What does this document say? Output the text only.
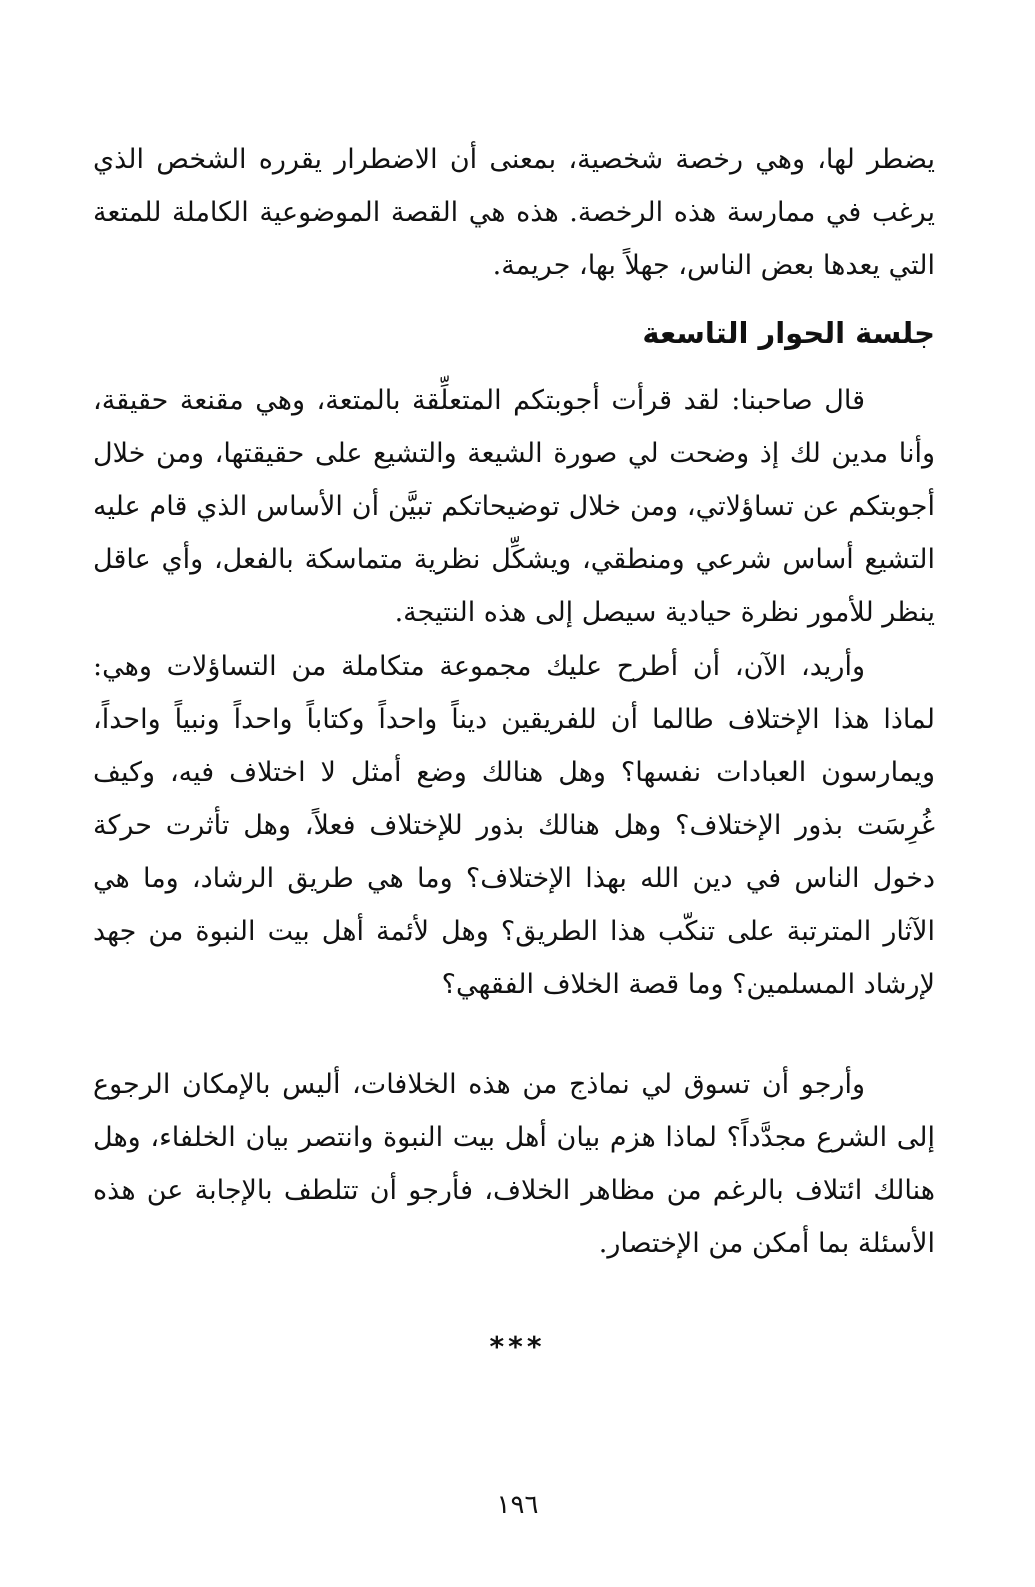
يضطر لها، وهي رخصة شخصية، بمعنى أن الاضطرار يقرره الشخص الذي يرغب في ممارسة هذه الرخصة. هذه هي القصة الموضوعية الكاملة للمتعة التي يعدها بعض الناس، جهلاً بها، جريمة.

جلسة الحوار التاسعة

قال صاحبنا: لقد قرأت أجوبتكم المتعلِّقة بالمتعة، وهي مقنعة حقيقة، وأنا مدين لك إذ وضحت لي صورة الشيعة والتشيع على حقيقتها، ومن خلال أجوبتكم عن تساؤلاتي، ومن خلال توضيحاتكم تبيَّن أن الأساس الذي قام عليه التشيع أساس شرعي ومنطقي، ويشكِّل نظرية متماسكة بالفعل، وأي عاقل ينظر للأمور نظرة حيادية سيصل إلى هذه النتيجة.

وأريد، الآن، أن أطرح عليك مجموعة متكاملة من التساؤلات وهي: لماذا هذا الإختلاف طالما أن للفريقين ديناً واحداً وكتاباً واحداً ونبياً واحداً، ويمارسون العبادات نفسها؟ وهل هنالك وضع أمثل لا اختلاف فيه، وكيف غُرِسَت بذور الإختلاف؟ وهل هنالك بذور للإختلاف فعلاً، وهل تأثرت حركة دخول الناس في دين الله بهذا الإختلاف؟ وما هي طريق الرشاد، وما هي الآثار المترتبة على تنكّب هذا الطريق؟ وهل لأئمة أهل بيت النبوة من جهد لإرشاد المسلمين؟ وما قصة الخلاف الفقهي؟

وأرجو أن تسوق لي نماذج من هذه الخلافات، أليس بالإمكان الرجوع إلى الشرع مجدَّداً؟ لماذا هزم بيان أهل بيت النبوة وانتصر بيان الخلفاء، وهل هنالك ائتلاف بالرغم من مظاهر الخلاف، فأرجو أن تتلطف بالإجابة عن هذه الأسئلة بما أمكن من الإختصار.

***
١٩٦
